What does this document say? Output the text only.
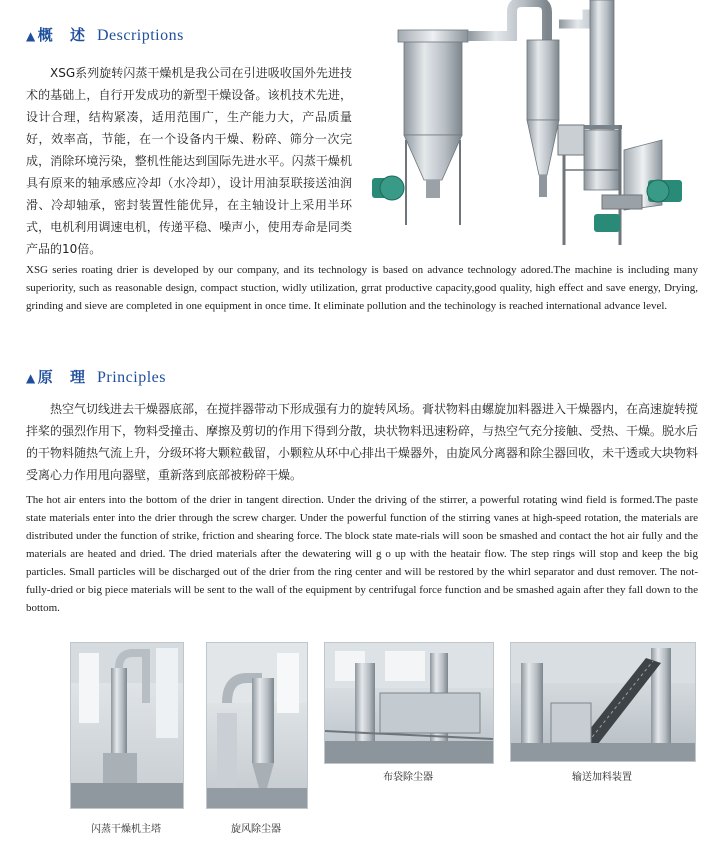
▲ 概 述 Descriptions
XSG系列旋转闪蒸干燥机是我公司在引进吸收国外先进技术的基础上，自行开发成功的新型干燥设备。该机技术先进，设计合理，结构紧凑，适用范围广，生产能力大，产品质量好，效率高，节能，在一个设备内干燥、粉碎、筛分一次完成，消除环境污染，整机性能达到国际先进水平。闪蒸干燥机具有原来的轴承感应冷却（水冷却），设计用油泵联接送油润滑、冷却轴承，密封装置性能优异，在主轴设计上采用半环式，电机利用调速电机，传递平稳、噪声小，使用寿命是同类产品的10倍。
XSG series roating drier is developed by our company, and its technology is based on advance technology adored.The machine is including many superiority, such as reasonable design, compact stuction, widly utilization, grrat productive capacity,good quality, high effect and save energy, Drying, grinding and sieve are completed in one equipment in once time. It eliminate pollution and the techinology is reached international advance level.
▲ 原 理 Principles
热空气切线进去干燥器底部，在搅拌器带动下形成强有力的旋转风场。膏状物料由螺旋加料器进入干燥器内，在高速旋转搅拌桨的强烈作用下，物料受撞击、摩擦及剪切的作用下得到分散，块状物料迅速粉碎，与热空气充分接触、受热、干燥。脱水后的干物料随热气流上升，分级环将大颗粒截留，小颗粒从环中心排出干燥器外，由旋风分离器和除尘器回收，未干透或大块物料受离心力作用甩向器壁，重新落到底部被粉碎干燥。
The hot air enters into the bottom of the drier in tangent direction. Under the driving of the stirrer, a powerful rotating wind field is formed.The paste state materials enter into the drier through the screw charger. Under the powerful function of the stirring vanes at high-speed rotation, the materials are distributed under the function of strike, friction and shearing force. The block state mate-rials will soon be smashed and contact the hot air fully and the materials are heated and dried. The dried materials after the dewatering will g o up with the heatair flow. The step rings will stop and keep the big particles. Small particles will be discharged out of the drier from the ring center and will be restored by the whirl separator and dust remover. The not-fully-dried or big piece materials will be sent to the wall of the equipment by centrifugal force function and be smashed again after they fall down to the bottom.
闪蒸干燥机主塔	旋风除尘器
布袋除尘器	输送加料装置
